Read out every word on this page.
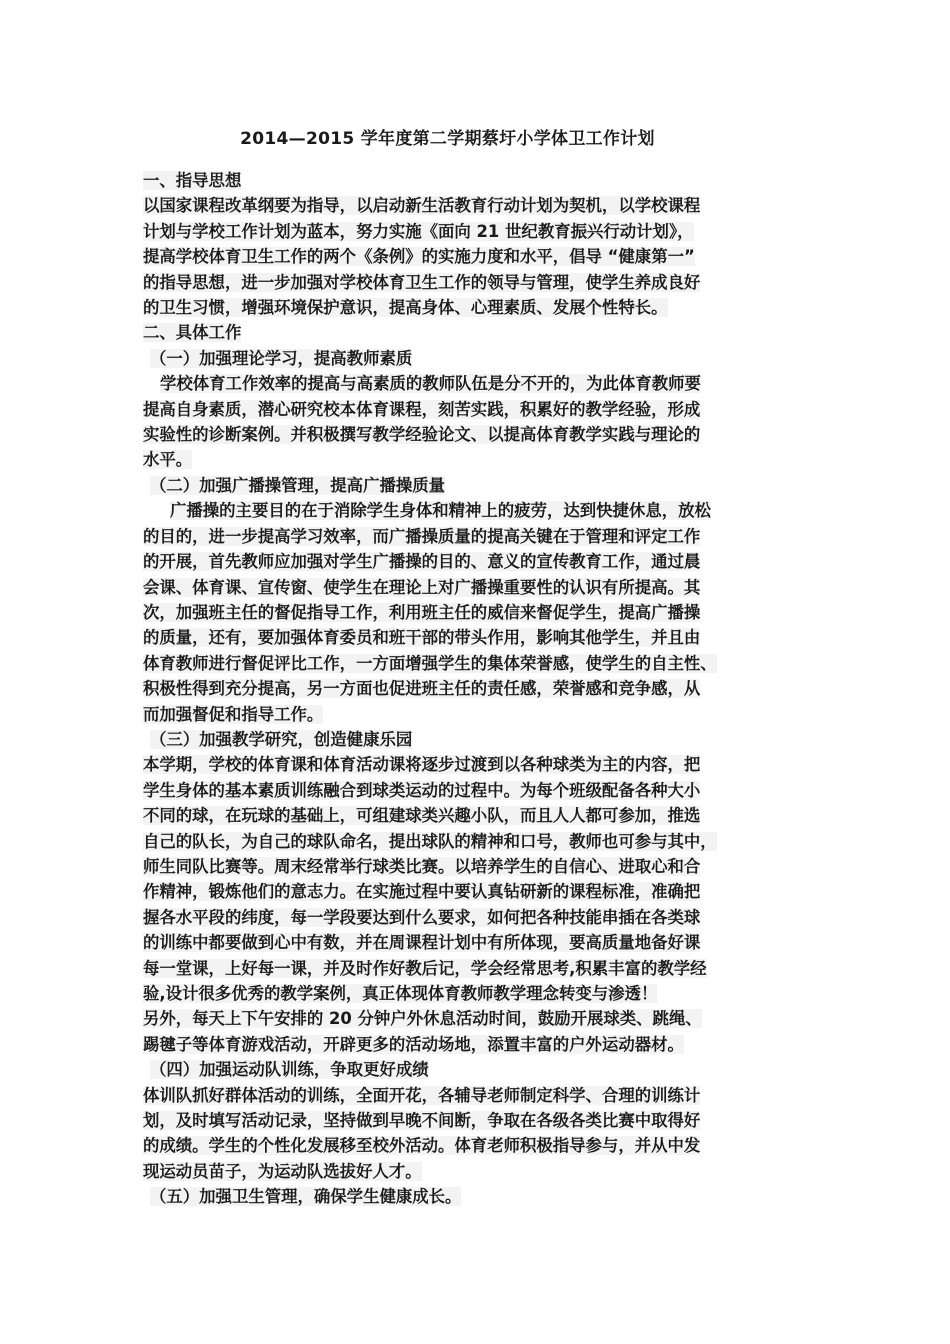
2014—2015 学年度第二学期蔡圩小学体卫工作计划
一、指导思想
以国家课程改革纲要为指导，以启动新生活教育行动计划为契机，以学校课程
计划与学校工作计划为蓝本，努力实施《面向 21 世纪教育振兴行动计划》，
提高学校体育卫生工作的两个《条例》的实施力度和水平，倡导 “健康第一”
的指导思想，进一步加强对学校体育卫生工作的领导与管理，使学生养成良好
的卫生习惯，增强环境保护意识，提高身体、心理素质、发展个性特长。
二、具体工作
（一）加强理论学习，提高教师素质
学校体育工作效率的提高与高素质的教师队伍是分不开的，为此体育教师要
提高自身素质，潜心研究校本体育课程，刻苦实践，积累好的教学经验，形成
实验性的诊断案例。并积极撰写教学经验论文、以提高体育教学实践与理论的
水平。
（二）加强广播操管理，提高广播操质量
广播操的主要目的在于消除学生身体和精神上的疲劳，达到快捷休息，放松
的目的，进一步提高学习效率，而广播操质量的提高关键在于管理和评定工作
的开展，首先教师应加强对学生广播操的目的、意义的宣传教育工作，通过晨
会课、体育课、宣传窗、使学生在理论上对广播操重要性的认识有所提高。其
次，加强班主任的督促指导工作，利用班主任的威信来督促学生，提高广播操
的质量，还有，要加强体育委员和班干部的带头作用，影响其他学生，并且由
体育教师进行督促评比工作，一方面增强学生的集体荣誉感，使学生的自主性、
积极性得到充分提高，另一方面也促进班主任的责任感，荣誉感和竞争感，从
而加强督促和指导工作。
（三）加强教学研究，创造健康乐园
本学期，学校的体育课和体育活动课将逐步过渡到以各种球类为主的内容，把
学生身体的基本素质训练融合到球类运动的过程中。为每个班级配备各种大小
不同的球，在玩球的基础上，可组建球类兴趣小队，而且人人都可参加，推选
自己的队长，为自己的球队命名，提出球队的精神和口号，教师也可参与其中，
师生同队比赛等。周末经常举行球类比赛。以培养学生的自信心、进取心和合
作精神，锻炼他们的意志力。在实施过程中要认真钻研新的课程标准，准确把
握各水平段的纬度，每一学段要达到什么要求，如何把各种技能串插在各类球
的训练中都要做到心中有数，并在周课程计划中有所体现，要高质量地备好课
每一堂课，上好每一课，并及时作好教后记，学会经常思考,积累丰富的教学经
验,设计很多优秀的教学案例，真正体现体育教师教学理念转变与渗透！
另外，每天上下午安排的 20 分钟户外休息活动时间，鼓励开展球类、跳绳、
踢毽子等体育游戏活动，开辟更多的活动场地，添置丰富的户外运动器材。
（四）加强运动队训练，争取更好成绩
体训队抓好群体活动的训练，全面开花，各辅导老师制定科学、合理的训练计
划，及时填写活动记录，坚持做到早晚不间断，争取在各级各类比赛中取得好
的成绩。学生的个性化发展移至校外活动。体育老师积极指导参与，并从中发
现运动员苗子，为运动队选拔好人才。
（五）加强卫生管理，确保学生健康成长。
